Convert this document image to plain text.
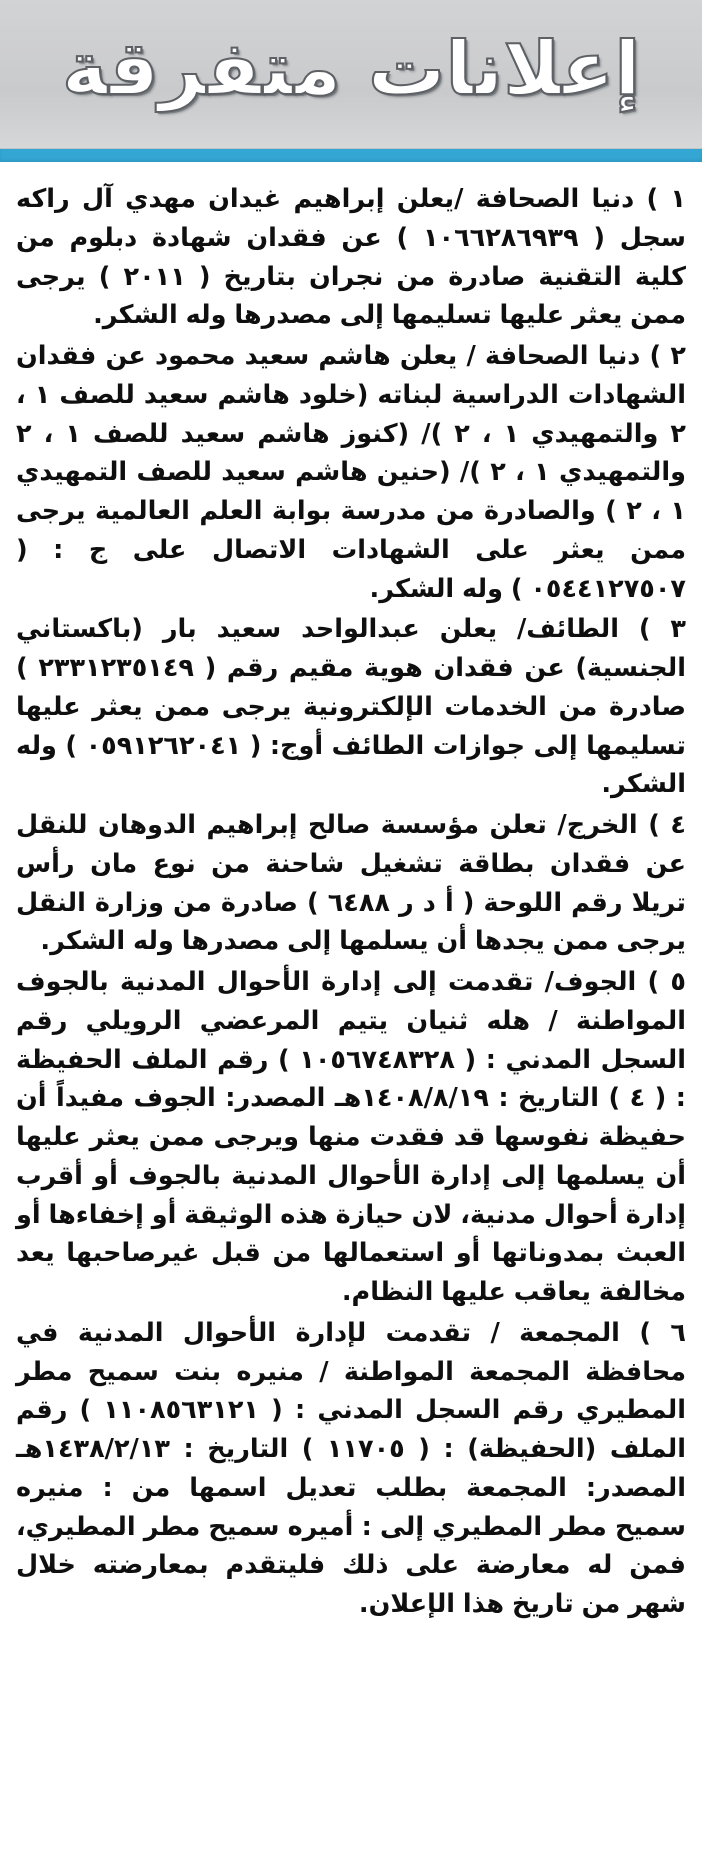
إعلانات متفرقة

١ ) دنيا الصحافة /يعلن إبراهيم غيدان مهدي آل راكه سجل ( ١٠٦٦٢٨٦٩٣٩ ) عن فقدان شهادة دبلوم من كلية التقنية صادرة من نجران بتاريخ ( ٢٠١١ ) يرجى ممن يعثر عليها تسليمها إلى مصدرها وله الشكر.

٢ ) دنيا الصحافة / يعلن هاشم سعيد محمود عن فقدان الشهادات الدراسية لبناته (خلود هاشم سعيد للصف ١ ، ٢ والتمهيدي ١ ، ٢ )/ (كنوز هاشم سعيد للصف ١ ، ٢ والتمهيدي ١ ، ٢ )/ (حنين هاشم سعيد للصف التمهيدي ١ ، ٢ ) والصادرة من مدرسة بوابة العلم العالمية يرجى ممن يعثر على الشهادات الاتصال على ج : ( ٠٥٤٤١٢٧٥٠٧ ) وله الشكر.

٣ ) الطائف/ يعلن عبدالواحد سعيد بار (باكستاني الجنسية) عن فقدان هوية مقيم رقم ( ٢٣٣١٢٣٥١٤٩ ) صادرة من الخدمات الإلكترونية يرجى ممن يعثر عليها تسليمها إلى جوازات الطائف أوج: ( ٠٥٩١٢٦٢٠٤١ ) وله الشكر.

٤ ) الخرج/ تعلن مؤسسة صالح إبراهيم الدوهان للنقل عن فقدان بطاقة تشغيل شاحنة من نوع مان رأس تريلا رقم اللوحة ( أ د ر ٦٤٨٨ ) صادرة من وزارة النقل يرجى ممن يجدها أن يسلمها إلى مصدرها وله الشكر.

٥ ) الجوف/ تقدمت إلى إدارة الأحوال المدنية بالجوف المواطنة / هله ثنيان يتيم المرعضي الرويلي رقم السجل المدني : ( ١٠٥٦٧٤٨٣٢٨ ) رقم الملف الحفيظة : ( ٤ ) التاريخ : ١٤٠٨/٨/١٩هـ المصدر: الجوف مفيداً أن حفيظة نفوسها قد فقدت منها ويرجى ممن يعثر عليها أن يسلمها إلى إدارة الأحوال المدنية بالجوف أو أقرب إدارة أحوال مدنية، لان حيازة هذه الوثيقة أو إخفاءها أو العبث بمدوناتها أو استعمالها من قبل غيرصاحبها يعد مخالفة يعاقب عليها النظام.

٦ ) المجمعة / تقدمت لإدارة الأحوال المدنية في محافظة المجمعة المواطنة / منيره بنت سميح مطر المطيري رقم السجل المدني : ( ١١٠٨٥٦٣١٢١ ) رقم الملف (الحفيظة) : ( ١١٧٠٥ ) التاريخ : ١٤٣٨/٢/١٣هـ المصدر: المجمعة بطلب تعديل اسمها من : منيره سميح مطر المطيري إلى : أميره سميح مطر المطيري، فمن له معارضة على ذلك فليتقدم بمعارضته خلال شهر من تاريخ هذا الإعلان.
